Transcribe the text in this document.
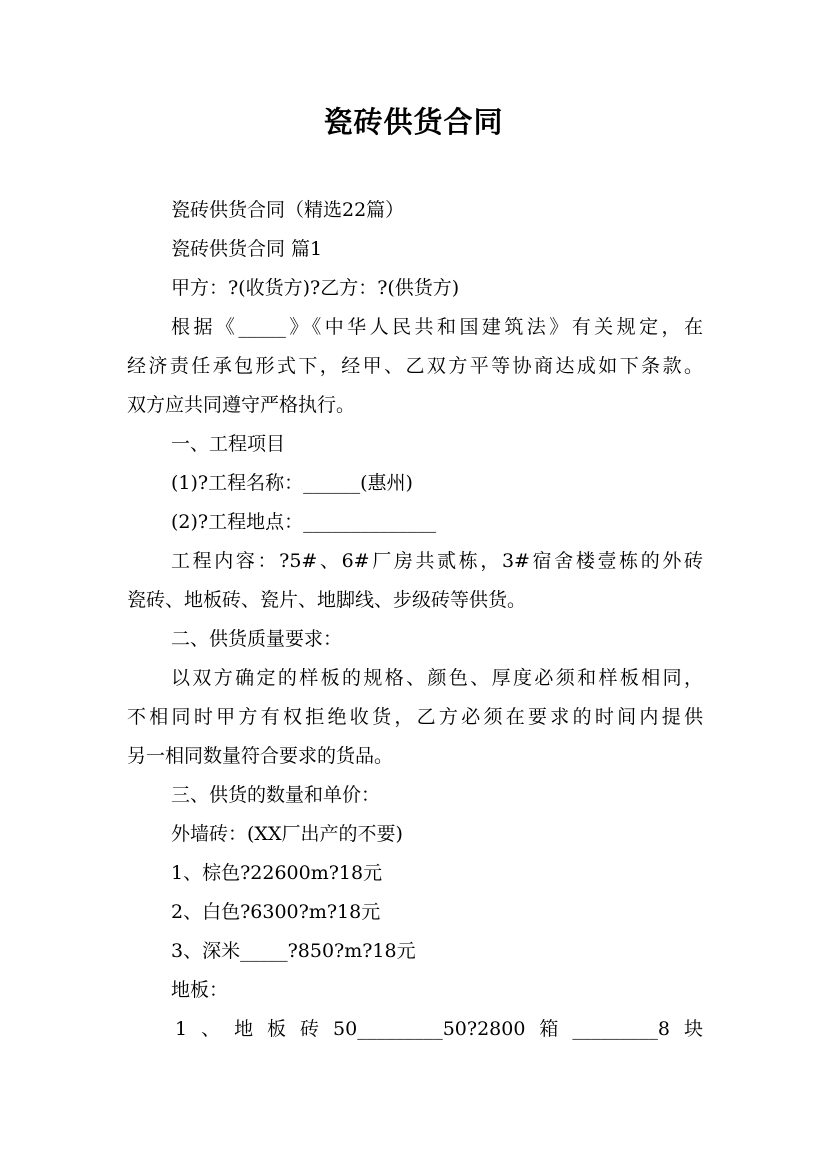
瓷砖供货合同

瓷砖供货合同（精选22篇）

瓷砖供货合同 篇1

甲方：?(收货方)?乙方：?(供货方)

根据《_____》《中华人民共和国建筑法》有关规定，在

经济责任承包形式下，经甲、乙双方平等协商达成如下条款。

双方应共同遵守严格执行。

一、工程项目

(1)?工程名称：______(惠州)

(2)?工程地点：______________

工程内容：?5#、6#厂房共贰栋，3#宿舍楼壹栋的外砖

瓷砖、地板砖、瓷片、地脚线、步级砖等供货。

二、供货质量要求：

以双方确定的样板的规格、颜色、厚度必须和样板相同，

不相同时甲方有权拒绝收货，乙方必须在要求的时间内提供

另一相同数量符合要求的货品。

三、供货的数量和单价：

外墙砖：(XX厂出产的不要)

1、棕色?22600m?18元

2、白色?6300?m?18元

3、深米_____?850?m?18元

地板：

1、地板砖50_________50?2800箱_________8块
